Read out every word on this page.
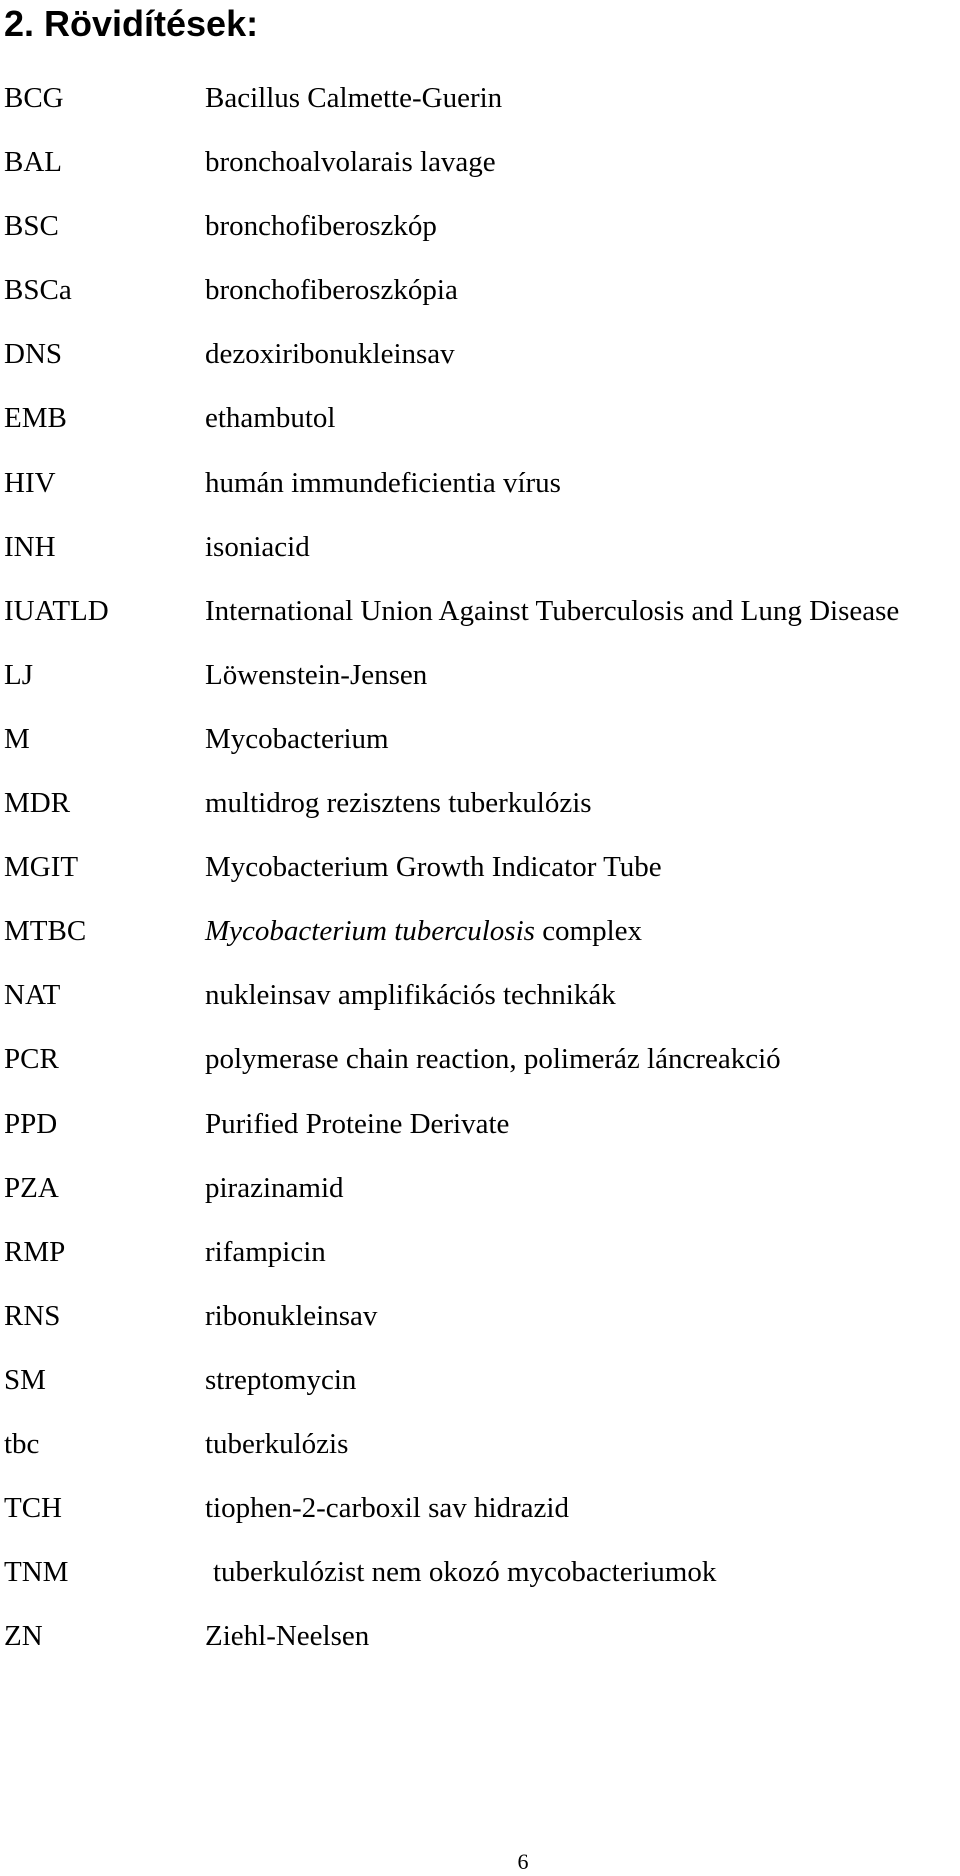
2. Rövidítések:
BCG	Bacillus Calmette-Guerin
BAL	bronchoalvolarais lavage
BSC	bronchofiberoszkóp
BSCa	bronchofiberoszkópia
DNS	dezoxiribonukleinsav
EMB	ethambutol
HIV	humán immundeficientia vírus
INH	isoniacid
IUATLD	International Union Against Tuberculosis and Lung Disease
LJ	Löwenstein-Jensen
M	Mycobacterium
MDR	multidrog rezisztens tuberkulózis
MGIT	Mycobacterium Growth Indicator Tube
MTBC	Mycobacterium tuberculosis complex
NAT	nukleinsav amplifikációs technikák
PCR	polymerase chain reaction, polimeráz láncreakció
PPD	Purified Proteine Derivate
PZA	pirazinamid
RMP	rifampicin
RNS	ribonukleinsav
SM	streptomycin
tbc	tuberkulózis
TCH	tiophen-2-carboxil sav hidrazid
TNM	tuberkulózist nem okozó mycobacteriumok
ZN	Ziehl-Neelsen
6
